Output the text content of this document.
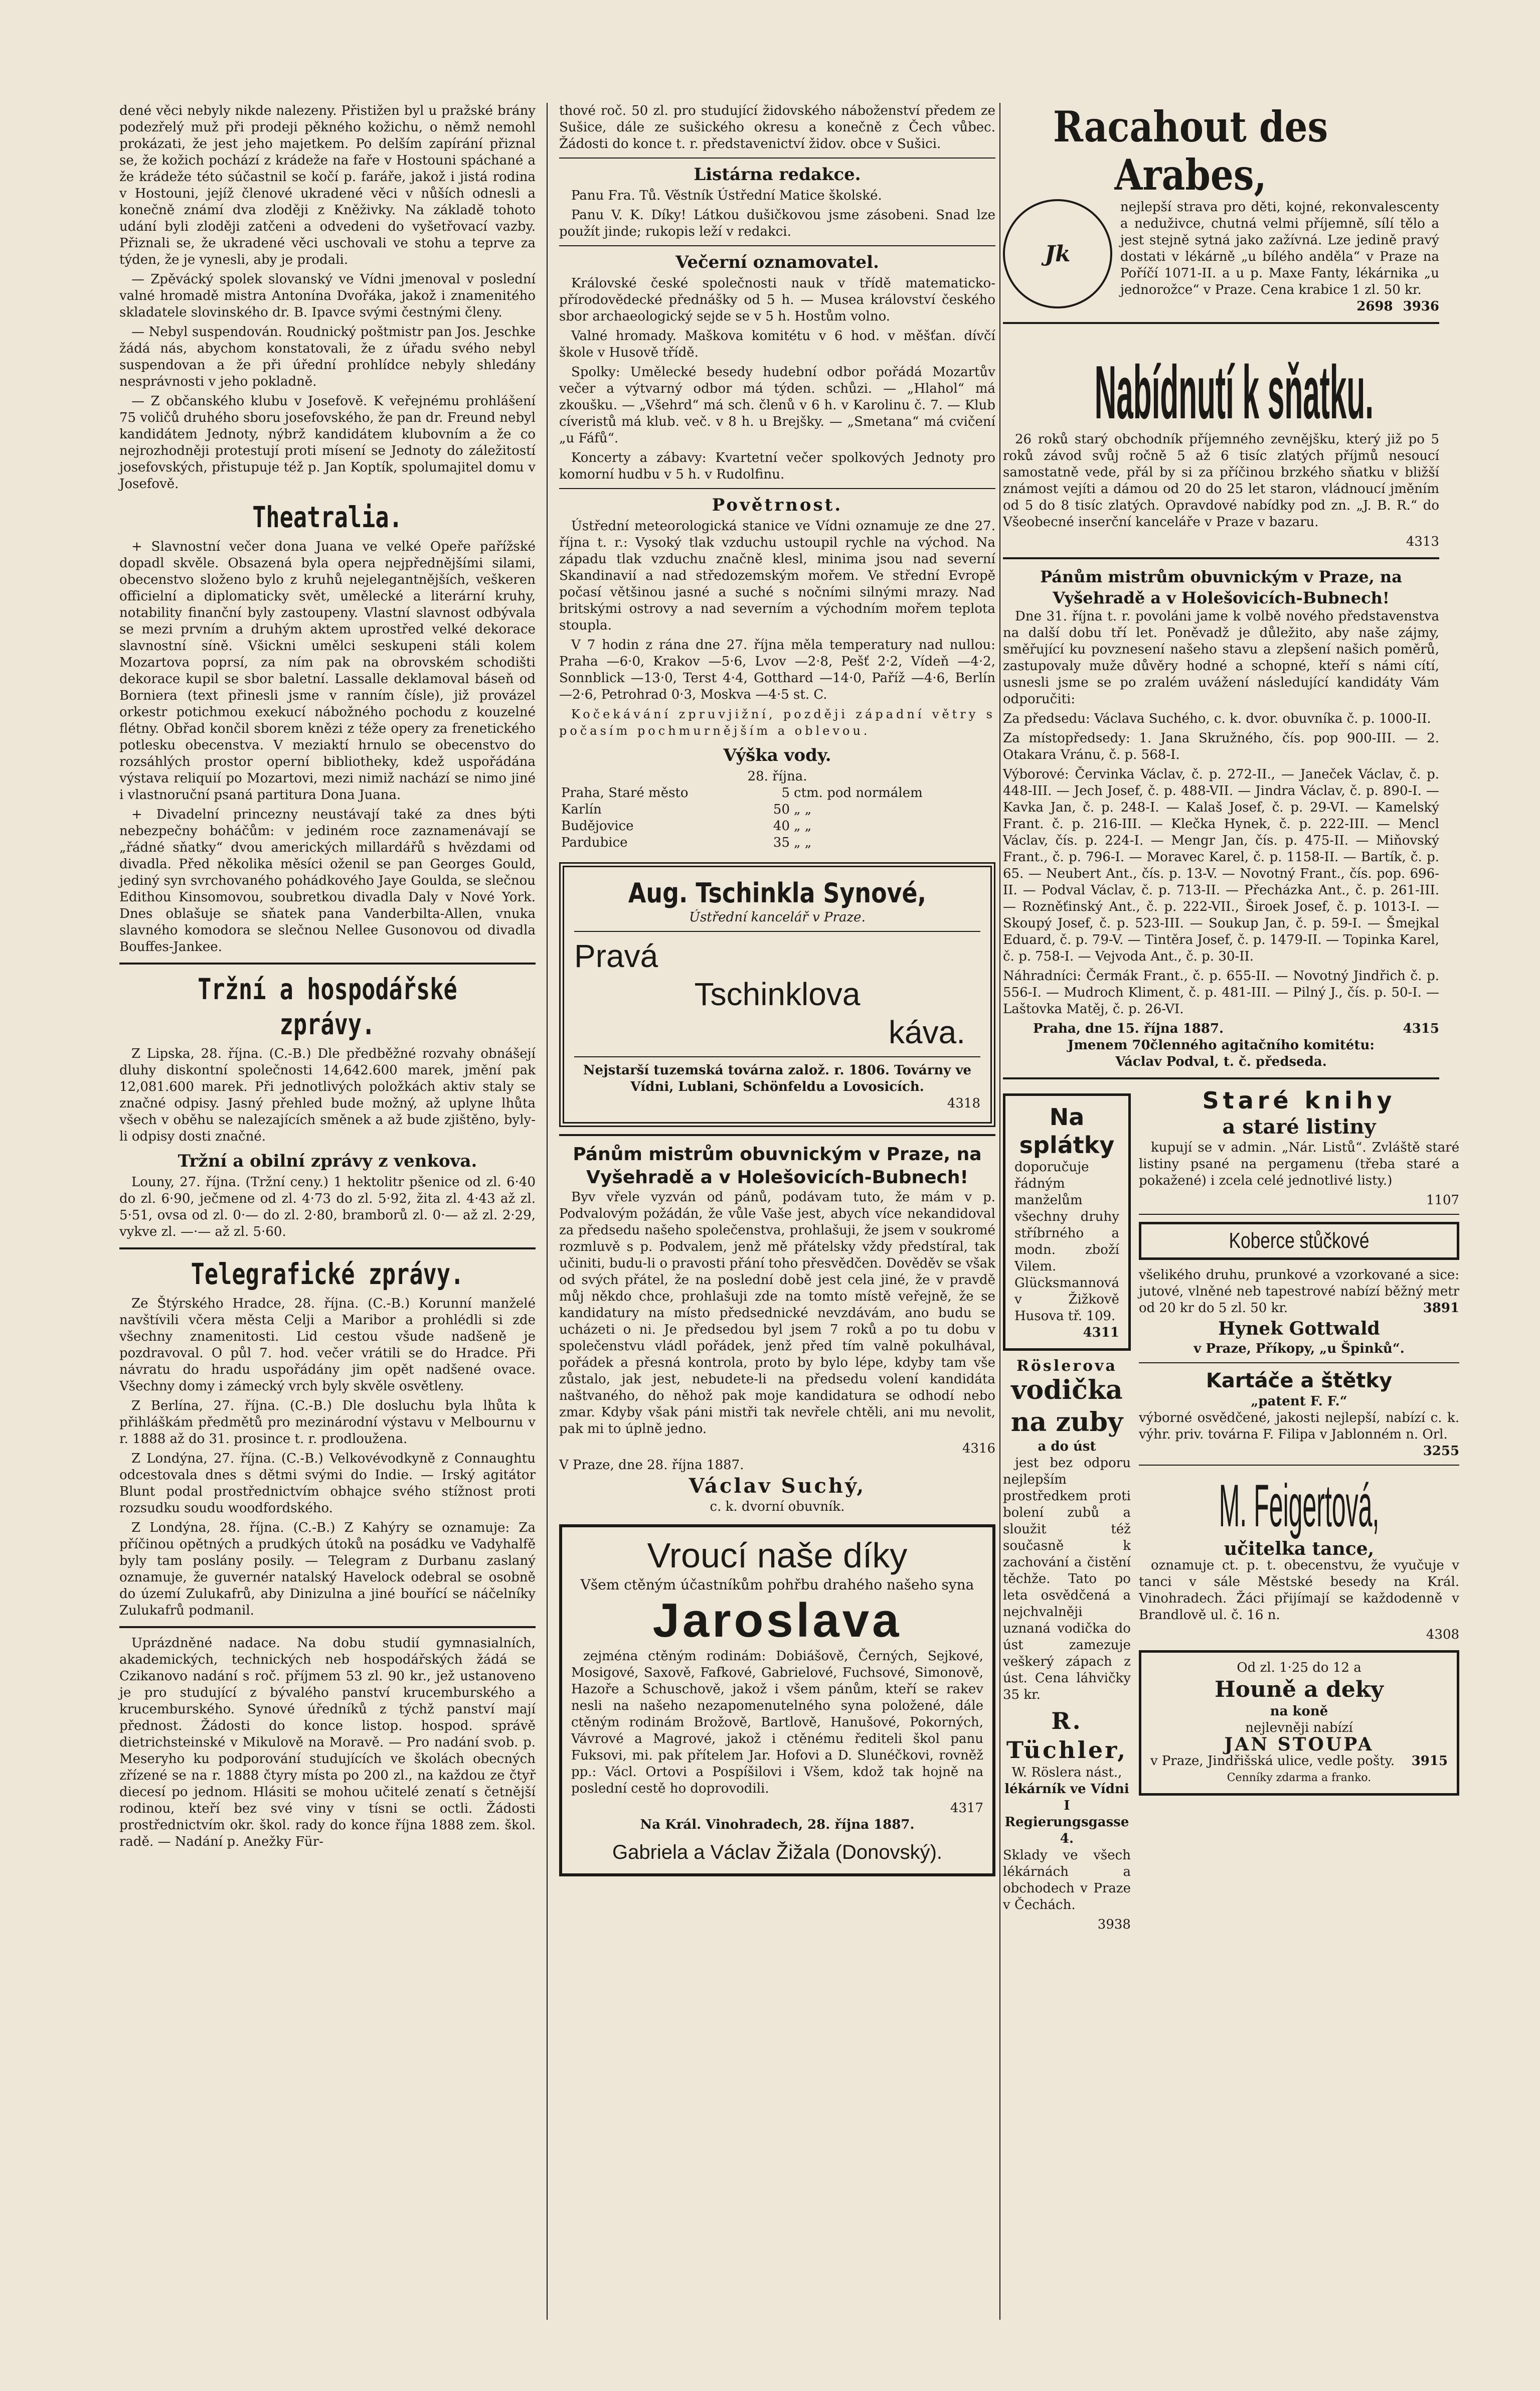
dené věci nebyly nikde nalezeny. Přistižen byl u pražské brány podezřelý muž při prodeji pěkného kožichu, o němž nemohl prokázati, že jest jeho majetkem. Po delším zapírání přiznal se, že kožich pochází z krádeže na faře v Hostouni spáchané a že krádeže této súčastnil se kočí p. faráře, jakož i jistá rodina v Hostouni, jejíž členové ukradené věci v nůších odnesli a konečně známí dva zloději z Kněživky. Na základě tohoto udání byli zloději zatčeni a odvedeni do vyšetřovací vazby. Přiznali se, že ukradené věci uschovali ve stohu a teprve za týden, že je vynesli, aby je prodali.

— Zpěvácký spolek slovanský ve Vídni jmenoval v poslední valné hromadě mistra Antonína Dvořáka, jakož i znamenitého skladatele slovinského dr. B. Ipavce svými čestnými členy.

— Nebyl suspendován. Roudnický poštmistr pan Jos. Jeschke žádá nás, abychom konstatovali, že z úřadu svého nebyl suspendovan a že při úřední prohlídce nebyly shledány nesprávnosti v jeho pokladně.

— Z občanského klubu v Josefově. K veřejnému prohlášení 75 voličů druhého sboru josefovského, že pan dr. Freund nebyl kandidátem Jednoty, nýbrž kandidátem klubovním a že co nejrozhodněji protestují proti mísení se Jednoty do záležitostí josefovských, přistupuje též p. Jan Koptík, spolumajitel domu v Josefově.

Theatralia.

+ Slavnostní večer dona Juana ve velké Opeře pařížské dopadl skvěle. Obsazená byla opera nejpřednějšími silami, obecenstvo složeno bylo z kruhů nejelegantnějších, veškeren officielní a diplomaticky svět, umělecké a literární kruhy, notability finanční byly zastoupeny. Vlastní slavnost odbývala se mezi prvním a druhým aktem uprostřed velké dekorace slavnostní síně. Všickni umělci seskupeni stáli kolem Mozartova poprsí, za ním pak na obrovském schodišti dekorace kupil se sbor baletní. Lassalle deklamoval báseň od Borniera (text přinesli jsme v ranním čísle), již provázel orkestr potichmou exekucí nábožného pochodu z kouzelné flétny. Obřad končil sborem knězi z téže opery za frenetického potlesku obecenstva. V meziaktí hrnulo se obecenstvo do rozsáhlých prostor operní bibliotheky, kdež uspořádána výstava reliquií po Mozartovi, mezi nimiž nachází se nimo jiné i vlastnoruční psaná partitura Dona Juana.

+ Divadelní princezny neustávají také za dnes býti nebezpečny boháčům: v jediném roce zaznamenávají se „řádné sňatky“ dvou amerických millardářů s hvězdami od divadla. Před několika měsíci oženil se pan Georges Gould, jediný syn svrchovaného pohádkového Jaye Goulda, se slečnou Edithou Kinsomovou, soubretkou divadla Daly v Nové York. Dnes oblašuje se sňatek pana Vanderbilta-Allen, vnuka slavného komodora se slečnou Nellee Gusonovou od divadla Bouffes-Jankee.

Tržní a hospodářské zprávy.

Z Lipska, 28. října. (C.-B.) Dle předběžné rozvahy obnášejí dluhy diskontní společnosti 14,642.600 marek, jmění pak 12,081.600 marek. Při jednotlivých položkách aktiv staly se značné odpisy. Jasný přehled bude možný, až uplyne lhůta všech v oběhu se nalezajících směnek a až bude zjištěno, byly-li odpisy dosti značné.

Tržní a obilní zprávy z venkova.

Louny, 27. října. (Tržní ceny.) 1 hektolitr pšenice od zl. 6·40 do zl. 6·90, ječmene od zl. 4·73 do zl. 5·92, žita zl. 4·43 až zl. 5·51, ovsa od zl. 0·— do zl. 2·80, bramborů zl. 0·— až zl. 2·29, vykve zl. —·— až zl. 5·60.

Telegrafické zprávy.

Ze Štýrského Hradce, 28. října. (C.-B.) Korunní manželé navštívili včera města Celji a Maribor a prohlédli si zde všechny znamenitosti. Lid cestou všude nadšeně je pozdravoval. O půl 7. hod. večer vrátili se do Hradce. Při návratu do hradu uspořádány jim opět nadšené ovace. Všechny domy i zámecký vrch byly skvěle osvětleny.

Z Berlína, 27. října. (C.-B.) Dle dosluchu byla lhůta k přihláškám předmětů pro mezinárodní výstavu v Melbournu v r. 1888 až do 31. prosince t. r. prodloužena.

Z Londýna, 27. října. (C.-B.) Velkovévodkyně z Connaughtu odcestovala dnes s dětmi svými do Indie. — Irský agitátor Blunt podal prostřednictvím obhajce svého stížnost proti rozsudku soudu woodfordského.

Z Londýna, 28. října. (C.-B.) Z Kahýry se oznamuje: Za příčinou opětných a prudkých útoků na posádku ve Vadyhalfě byly tam poslány posily. — Telegram z Durbanu zaslaný oznamuje, že guvernér natalský Havelock odebral se osobně do území Zulukafrů, aby Dinizulna a jiné bouřící se náčelníky Zulukafrů podmanil.

Uprázdněné nadace. Na dobu studií gymnasialních, akademických, technických neb hospodářských žádá se Czikanovo nadání s roč. příjmem 53 zl. 90 kr., jež ustanoveno je pro studující z bývalého panství krucemburského a krucemburského. Synové úředníků z týchž panství mají přednost. Žádosti do konce listop. hospod. správě dietrichsteinské v Mikulově na Moravě. — Pro nadání svob. p. Meseryho ku podporování studujících ve školách obecných zřízené se na r. 1888 čtyry místa po 200 zl., na každou ze čtyř diecesí po jednom. Hlásiti se mohou učitelé zenatí s četnější rodinou, kteří bez své viny v tísni se octli. Žádosti prostřednictvím okr. škol. rady do konce října 1888 zem. škol. radě. — Nadání p. Anežky Für-

thové roč. 50 zl. pro studující židovského náboženství předem ze Sušice, dále ze sušického okresu a konečně z Čech vůbec. Žádosti do konce t. r. představenictví židov. obce v Sušici.

Listárna redakce.

Panu Fra. Tů. Věstník Ústřední Matice školské.

Panu V. K. Díky! Látkou dušičkovou jsme zásobeni. Snad lze použít jinde; rukopis leží v redakci.

Večerní oznamovatel.

Královské české společnosti nauk v třídě matematicko-přírodovědecké přednášky od 5 h. — Musea království českého sbor archaeologický sejde se v 5 h. Hostům volno.

Valné hromady. Maškova komitétu v 6 hod. v měšťan. dívčí škole v Husově třídě.

Spolky: Umělecké besedy hudební odbor pořádá Mozartův večer a výtvarný odbor má týden. schůzi. — „Hlahol“ má zkoušku. — „Všehrd“ má sch. členů v 6 h. v Karolinu č. 7. — Klub cíveristů má klub. več. v 8 h. u Brejšky. — „Smetana“ má cvičení „u Fáfů“.

Koncerty a zábavy: Kvartetní večer spolkových Jednoty pro komorní hudbu v 5 h. v Rudolfinu.

Povětrnost.

Ústřední meteorologická stanice ve Vídni oznamuje ze dne 27. října t. r.: Vysoký tlak vzduchu ustoupil rychle na východ. Na západu tlak vzduchu značně klesl, minima jsou nad severní Skandinavií a nad středozemským mořem. Ve střední Evropě počasí většinou jasné a suché s nočními silnými mrazy. Nad britskými ostrovy a nad severním a východním mořem teplota stoupla.

V 7 hodin z rána dne 27. října měla temperatury nad nullou: Praha —6·0, Krakov —5·6, Lvov —2·8, Pešť 2·2, Vídeň —4·2, Sonnblick —13·0, Terst 4·4, Gotthard —14·0, Paříž —4·6, Berlín —2·6, Petrohrad 0·3, Moskva —4·5 st. C.

Kočekávání zpruvjižní, později západní větry s počasím pochmurnějším a oblevou.

Výška vody.
28. října.
Praha, Staré město	5	ctm. pod normálem
Karlín	50	„ „
Budějovice	40	„ „
Pardubice	35	„ „
Aug. Tschinkla Synové,
Ústřední kancelář v Praze.
Pravá
Tschinklova
káva.
Nejstarší tuzemská továrna založ. r. 1806. Továrny ve Vídni, Lublani, Schönfeldu a Lovosicích.
4318
Pánům mistrům obuvnickým v Praze, na Vyšehradě a v Holešovicích-Bubnech!

Byv vřele vyzván od pánů, podávam tuto, že mám v p. Podvalovým požádán, že vůle Vaše jest, abych více nekandidoval za předsedu našeho společenstva, prohlašuji, že jsem v soukromé rozmluvě s p. Podvalem, jenž mě přátelsky vždy předstíral, tak učiniti, budu-li o pravosti přání toho přesvědčen. Dověděv se však od svých přátel, že na poslední době jest cela jiné, že v pravdě můj někdo chce, prohlašuji zde na tomto místě veřejně, že se kandidatury na místo předsednické nevzdávám, ano budu se ucházeti o ni. Je předsedou byl jsem 7 roků a po tu dobu v společenstvu vládl pořádek, jenž před tím valně pokulhával, pořádek a přesná kontrola, proto by bylo lépe, kdyby tam vše zůstalo, jak jest, nebudete-li na předsedu volení kandidáta naštvaného, do něhož pak moje kandidatura se odhodí nebo zmar. Kdyby však páni mistři tak nevřele chtěli, ani mu nevolit, pak mi to úplně jedno.

4316
V Praze, dne 28. října 1887.
Václav Suchý,
c. k. dvorní obuvník.
Vroucí naše díky
Všem ctěným účastníkům pohřbu drahého našeho syna
Jaroslava

zejména ctěným rodinám: Dobiášově, Černých, Sejkové, Mosigové, Saxově, Fafkové, Gabrielové, Fuchsové, Simonově, Hazoře a Schuschově, jakož i všem pánům, kteří se rakev nesli na našeho nezapomenutelného syna položené, dále ctěným rodinám Brožově, Bartlově, Hanušové, Pokorných, Vávrové a Magrové, jakož i ctěnému řediteli škol panu Fuksovi, mi. pak přítelem Jar. Hofovi a D. Slunéčkovi, rovněž pp.: Václ. Ortovi a Pospíšilovi i Všem, kdož tak hojně na poslední cestě ho doprovodili.

4317
Na Král. Vinohradech, 28. října 1887.
Gabriela a Václav Žižala (Donovský).
Racahout des Arabes,
Jk
nejlepší strava pro děti, kojné, rekonvalescenty a neduživce, chutná velmi příjemně, sílí tělo a jest stejně sytná jako zažívná. Lze jedině pravý dostati v lékárně „u bílého anděla“ v Praze na Poříčí 1071-II. a u p. Maxe Fanty, lékárnika „u jednorožce“ v Praze. Cena krabice 1 zl. 50 kr.
3936
2698
Nabídnutí k sňatku.

26 roků starý obchodník příjemného zevnějšku, který již po 5 roků závod svůj ročně 5 až 6 tisíc zlatých příjmů nesoucí samostatně vede, přál by si za příčinou brzkého sňatku v bližší známost vejíti a dámou od 20 do 25 let staron, vládnoucí jměním od 5 do 8 tisíc zlatých. Opravdové nabídky pod zn. „J. B. R.“ do Všeobecné inserční kanceláře v Praze v bazaru.

4313
Pánům mistrům obuvnickým v Praze, na Vyšehradě a v Holešovicích-Bubnech!

Dne 31. října t. r. povoláni jame k volbě nového představenstva na další dobu tří let. Poněvadž je důležito, aby naše zájmy, směřující ku povznesení našeho stavu a zlepšení našich poměrů, zastupovaly muže důvěry hodné a schopné, kteří s námi cítí, usnesli jsme se po zralém uvážení následující kandidáty Vám odporučiti:

Za předsedu: Václava Suchého, c. k. dvor. obuvníka č. p. 1000-II.

Za místopředsedy: 1. Jana Skružného, čís. pop 900-III. — 2. Otakara Vránu, č. p. 568-I.

Výborové: Červinka Václav, č. p. 272-II., — Janeček Václav, č. p. 448-III. — Jech Josef, č. p. 488-VII. — Jindra Václav, č. p. 890-I. — Kavka Jan, č. p. 248-I. — Kalaš Josef, č. p. 29-VI. — Kamelský Frant. č. p. 216-III. — Klečka Hynek, č. p. 222-III. — Mencl Václav, čís. p. 224-I. — Mengr Jan, čís. p. 475-II. — Miňovský Frant., č. p. 796-I. — Moravec Karel, č. p. 1158-II. — Bartík, č. p. 65. — Neubert Ant., čís. p. 13-V. — Novotný Frant., čís. pop. 696-II. — Podval Václav, č. p. 713-II. — Přecházka Ant., č. p. 261-III. — Rozněťinský Ant., č. p. 222-VII., Široek Josef, č. p. 1013-I. — Skoupý Josef, č. p. 523-III. — Soukup Jan, č. p. 59-I. — Šmejkal Eduard, č. p. 79-V. — Tintěra Josef, č. p. 1479-II. — Topinka Karel, č. p. 758-I. — Vejvoda Ant., č. p. 30-II.

Náhradníci: Čermák Frant., č. p. 655-II. — Novotný Jindřich č. p. 556-I. — Mudroch Kliment, č. p. 481-III. — Pilný J., čís. p. 50-I. — Laštovka Matěj, č. p. 26-VI.

Praha, dne 15. října 1887.	4315
Jmenem 70členného agitačního komitétu:
Václav Podval, t. č. předseda.
Na splátky
doporučuje řádným manželům všechny druhy stříbrného a modn. zboží Vilem. Glücksmannová v Žižkově Husova tř. 109.
4311
Röslerova
vodička na zuby
a do úst

jest bez odporu nejlepším prostředkem proti bolení zubů a sloužit též současně k zachování a čistění těchže. Tato po leta osvědčená a nejchvalněji uznaná vodička do úst zamezuje veškerý zápach z úst. Cena láhvičky 35 kr.

R. Tüchler,
W. Röslera nást.,
lékárník ve Vídni I Regierungsgasse 4.

Sklady ve všech lékárnách a obchodech v Praze v Čechách.

3938
Staré knihy
a staré listiny

kupují se v admin. „Nár. Listů“. Zvláště staré listiny psané na pergamenu (třeba staré a pokažené) i zcela celé jednotlivé listy.)

1107
Koberce stůčkové
všelikého druhu, prunkové a vzorkované a sice: jutové, vlněné neb tapestrové nabízí běžný metr od 20 kr do 5 zl. 50 kr.	3891
Hynek Gottwald
v Praze, Příkopy, „u Špinků“.
Kartáče a štětky
„patent F. F.“
výborné osvědčené, jakosti nejlepší, nabízí c. k. výhr. priv. továrna F. Filipa v Jablonném n. Orl.
3255
M. Feigertová,
učitelka tance,

oznamuje ct. p. t. obecenstvu, že vyučuje v tanci v sále Městské besedy na Král. Vinohradech. Žáci přijímají se každodenně v Brandlově ul. č. 16 n.

4308
Od zl. 1·25 do 12 a
Houně a deky
na koně
nejlevněji nabízí
JAN STOUPA
v Praze, Jindřišská ulice, vedle pošty. 3915
Cenníky zdarma a franko.
